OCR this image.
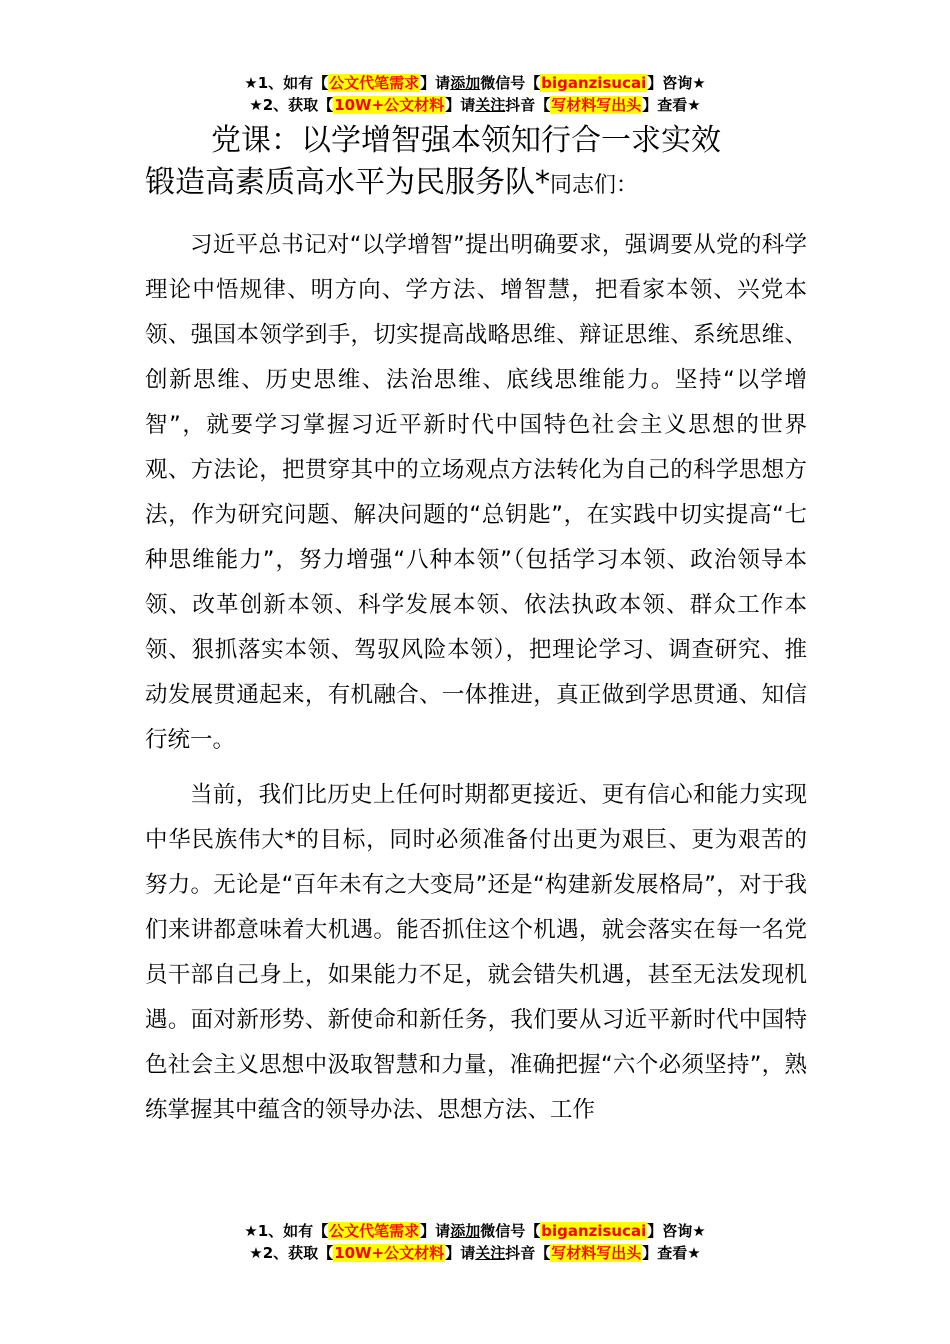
★1、如有【公文代笔需求】请添加微信号【biganzisucai】咨询★
★2、获取【10W+公文材料】请关注抖音【写材料写出头】查看★
党课：以学增智强本领知行合一求实效
锻造高素质高水平为民服务队*同志们：

习近平总书记对“以学增智”提出明确要求，强调要从党的科学理论中悟规律、明方向、学方法、增智慧，把看家本领、兴党本领、强国本领学到手，切实提高战略思维、辩证思维、系统思维、创新思维、历史思维、法治思维、底线思维能力。坚持“以学增智”，就要学习掌握习近平新时代中国特色社会主义思想的世界观、方法论，把贯穿其中的立场观点方法转化为自己的科学思想方法，作为研究问题、解决问题的“总钥匙”，在实践中切实提高“七种思维能力”，努力增强“八种本领”（包括学习本领、政治领导本领、改革创新本领、科学发展本领、依法执政本领、群众工作本领、狠抓落实本领、驾驭风险本领），把理论学习、调查研究、推动发展贯通起来，有机融合、一体推进，真正做到学思贯通、知信行统一。

当前，我们比历史上任何时期都更接近、更有信心和能力实现中华民族伟大*的目标，同时必须准备付出更为艰巨、更为艰苦的努力。无论是“百年未有之大变局”还是“构建新发展格局”，对于我们来讲都意味着大机遇。能否抓住这个机遇，就会落实在每一名党员干部自己身上，如果能力不足，就会错失机遇，甚至无法发现机遇。面对新形势、新使命和新任务，我们要从习近平新时代中国特色社会主义思想中汲取智慧和力量，准确把握“六个必须坚持”，熟练掌握其中蕴含的领导办法、思想方法、工作

★1、如有【公文代笔需求】请添加微信号【biganzisucai】咨询★
★2、获取【10W+公文材料】请关注抖音【写材料写出头】查看★
